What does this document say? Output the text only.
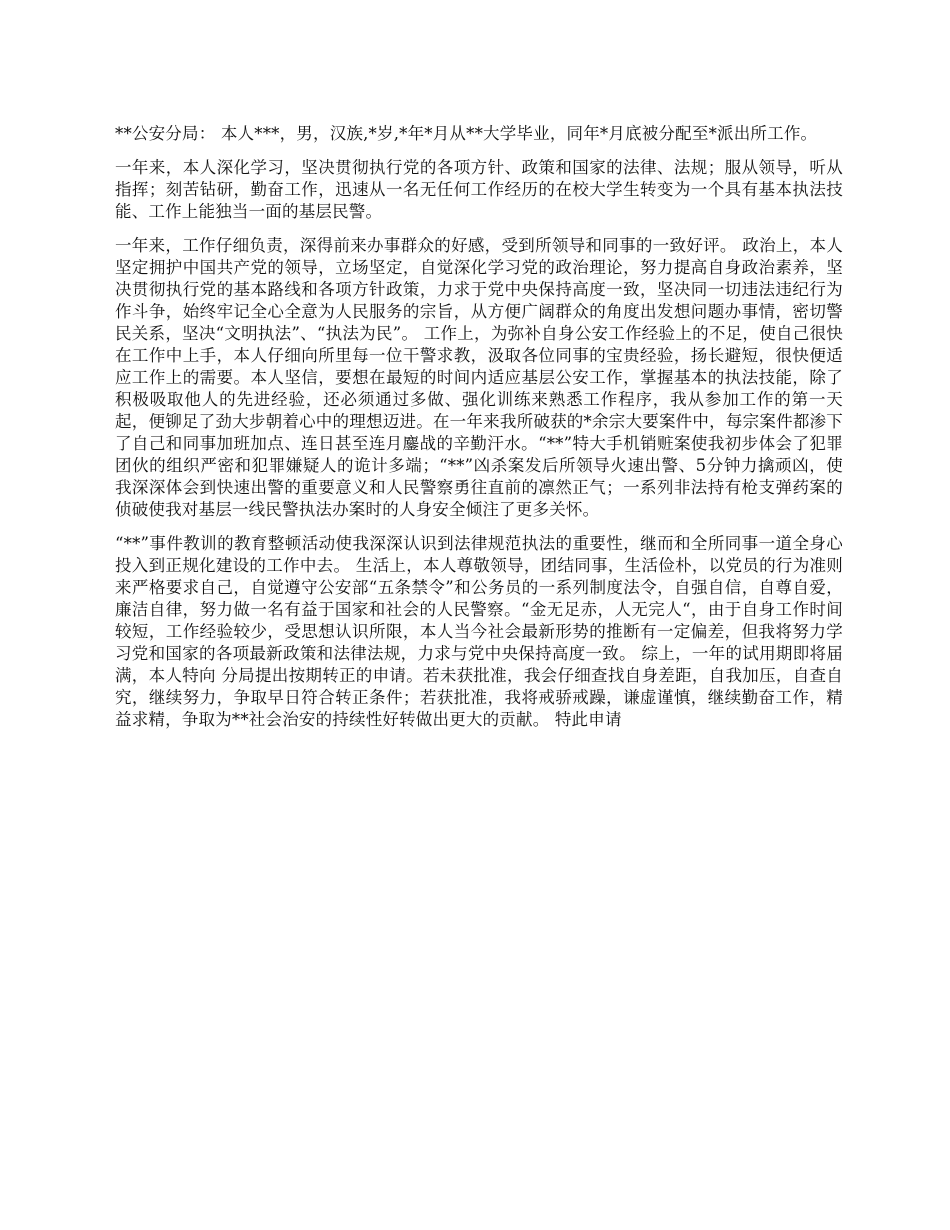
**公安分局： 本人***，男，汉族,*岁,*年*月从**大学毕业，同年*月底被分配至*派出所工作。

一年来，本人深化学习，坚决贯彻执行党的各项方针、政策和国家的法律、法规；服从领导，听从指挥；刻苦钻研，勤奋工作，迅速从一名无任何工作经历的在校大学生转变为一个具有基本执法技能、工作上能独当一面的基层民警。

一年来，工作仔细负责，深得前来办事群众的好感，受到所领导和同事的一致好评。 政治上，本人坚定拥护中国共产党的领导，立场坚定，自觉深化学习党的政治理论，努力提高自身政治素养，坚决贯彻执行党的基本路线和各项方针政策，力求于党中央保持高度一致，坚决同一切违法违纪行为作斗争，始终牢记全心全意为人民服务的宗旨，从方便广阔群众的角度出发想问题办事情，密切警民关系，坚决“文明执法”、“执法为民”。 工作上，为弥补自身公安工作经验上的不足，使自己很快在工作中上手，本人仔细向所里每一位干警求教，汲取各位同事的宝贵经验，扬长避短，很快便适应工作上的需要。本人坚信，要想在最短的时间内适应基层公安工作，掌握基本的执法技能，除了积极吸取他人的先进经验，还必须通过多做、强化训练来熟悉工作程序，我从参加工作的第一天起，便铆足了劲大步朝着心中的理想迈进。在一年来我所破获的*余宗大要案件中，每宗案件都渗下了自己和同事加班加点、连日甚至连月鏖战的辛勤汗水。“**”特大手机销赃案使我初步体会了犯罪团伙的组织严密和犯罪嫌疑人的诡计多端；“**”凶杀案发后所领导火速出警、5分钟力擒顽凶，使我深深体会到快速出警的重要意义和人民警察勇往直前的凛然正气；一系列非法持有枪支弹药案的侦破使我对基层一线民警执法办案时的人身安全倾注了更多关怀。

“**”事件教训的教育整顿活动使我深深认识到法律规范执法的重要性，继而和全所同事一道全身心投入到正规化建设的工作中去。 生活上，本人尊敬领导，团结同事，生活俭朴，以党员的行为准则来严格要求自己，自觉遵守公安部“五条禁令”和公务员的一系列制度法令，自强自信，自尊自爱，廉洁自律，努力做一名有益于国家和社会的人民警察。“金无足赤，人无完人“，由于自身工作时间较短，工作经验较少，受思想认识所限，本人当今社会最新形势的推断有一定偏差，但我将努力学习党和国家的各项最新政策和法律法规，力求与党中央保持高度一致。 综上，一年的试用期即将届满，本人特向 分局提出按期转正的申请。若未获批准，我会仔细查找自身差距，自我加压，自查自究，继续努力，争取早日符合转正条件；若获批准，我将戒骄戒躁，谦虚谨慎，继续勤奋工作，精益求精，争取为**社会治安的持续性好转做出更大的贡献。 特此申请
